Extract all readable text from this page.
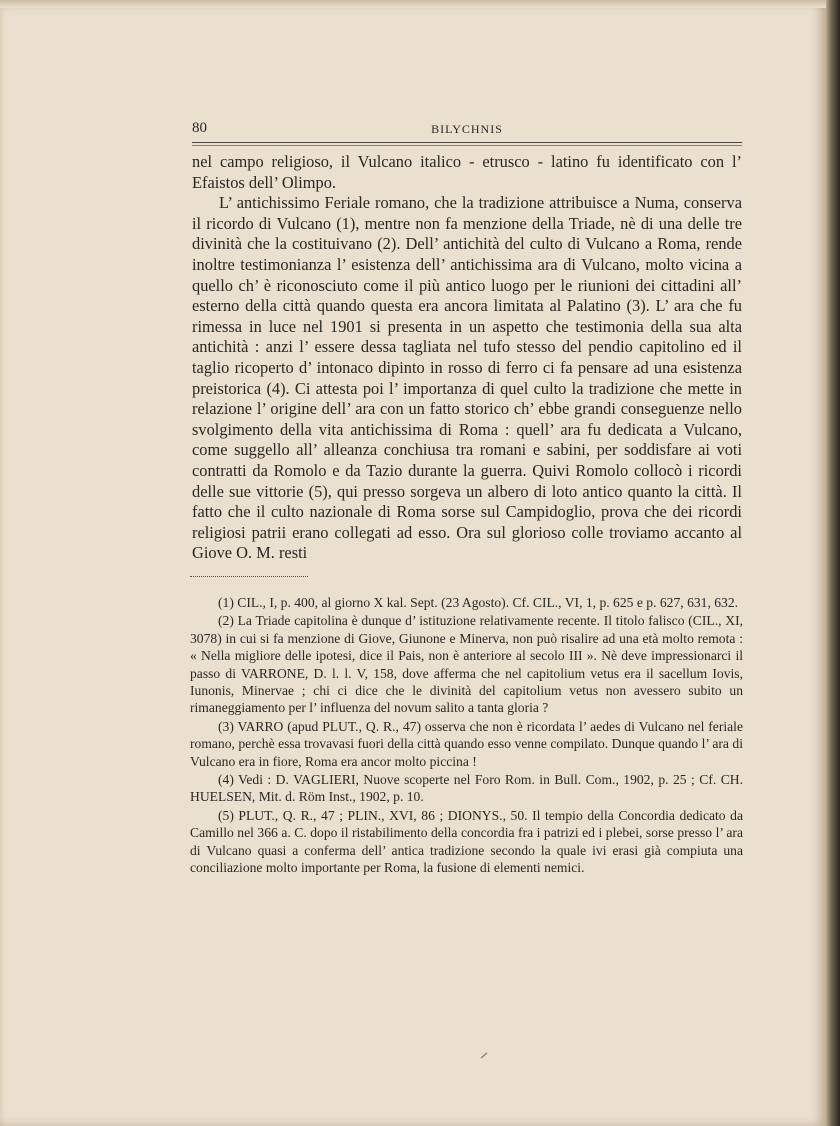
80	BILYCHNIS

nel campo religioso, il Vulcano italico - etrusco - latino fu identificato con l’ Efaistos dell’ Olimpo.

L’ antichissimo Feriale romano, che la tradizione attribuisce a Numa, conserva il ricordo di Vulcano (1), mentre non fa menzione della Triade, nè di una delle tre divinità che la costituivano (2). Dell’ antichità del culto di Vulcano a Roma, rende inoltre testimonianza l’ esistenza dell’ antichissima ara di Vulcano, molto vicina a quello ch’ è riconosciuto come il più antico luogo per le riunioni dei cittadini all’ esterno della città quando questa era ancora limitata al Palatino (3). L’ ara che fu rimessa in luce nel 1901 si presenta in un aspetto che testimonia della sua alta antichità : anzi l’ essere dessa tagliata nel tufo stesso del pendio capitolino ed il taglio ricoperto d’ intonaco dipinto in rosso di ferro ci fa pensare ad una esistenza preistorica (4). Ci attesta poi l’ importanza di quel culto la tradizione che mette in relazione l’ origine dell’ ara con un fatto storico ch’ ebbe grandi conseguenze nello svolgimento della vita antichissima di Roma : quell’ ara fu dedicata a Vulcano, come suggello all’ alleanza conchiusa tra romani e sabini, per soddisfare ai voti contratti da Romolo e da Tazio durante la guerra. Quivi Romolo collocò i ricordi delle sue vittorie (5), qui presso sorgeva un albero di loto antico quanto la città. Il fatto che il culto nazionale di Roma sorse sul Campidoglio, prova che dei ricordi religiosi patrii erano collegati ad esso. Ora sul glorioso colle troviamo accanto al Giove O. M. resti

(1) CIL., I, p. 400, al giorno X kal. Sept. (23 Agosto). Cf. CIL., VI, 1, p. 625 e p. 627, 631, 632.

(2) La Triade capitolina è dunque d’ istituzione relativamente recente. Il titolo falisco (CIL., XI, 3078) in cui si fa menzione di Giove, Giunone e Minerva, non può risalire ad una età molto remota : « Nella migliore delle ipotesi, dice il Pais, non è anteriore al secolo III ». Nè deve impressionarci il passo di VARRONE, D. l. l. V, 158, dove afferma che nel capitolium vetus era il sacellum Iovis, Iunonis, Minervae ; chi ci dice che le divinità del capitolium vetus non avessero subito un rimaneggiamento per l’ influenza del novum salito a tanta gloria ?

(3) VARRO (apud PLUT., Q. R., 47) osserva che non è ricordata l’ aedes di Vulcano nel feriale romano, perchè essa trovavasi fuori della città quando esso venne compilato. Dunque quando l’ ara di Vulcano era in fiore, Roma era ancor molto piccina !

(4) Vedi : D. VAGLIERI, Nuove scoperte nel Foro Rom. in Bull. Com., 1902, p. 25 ; Cf. CH. HUELSEN, Mit. d. Röm Inst., 1902, p. 10.

(5) PLUT., Q. R., 47 ; PLIN., XVI, 86 ; DIONYS., 50. Il tempio della Concordia dedicato da Camillo nel 366 a. C. dopo il ristabilimento della concordia fra i patrizi ed i plebei, sorse presso l’ ara di Vulcano quasi a conferma dell’ antica tradizione secondo la quale ivi erasi già compiuta una conciliazione molto importante per Roma, la fusione di elementi nemici.
